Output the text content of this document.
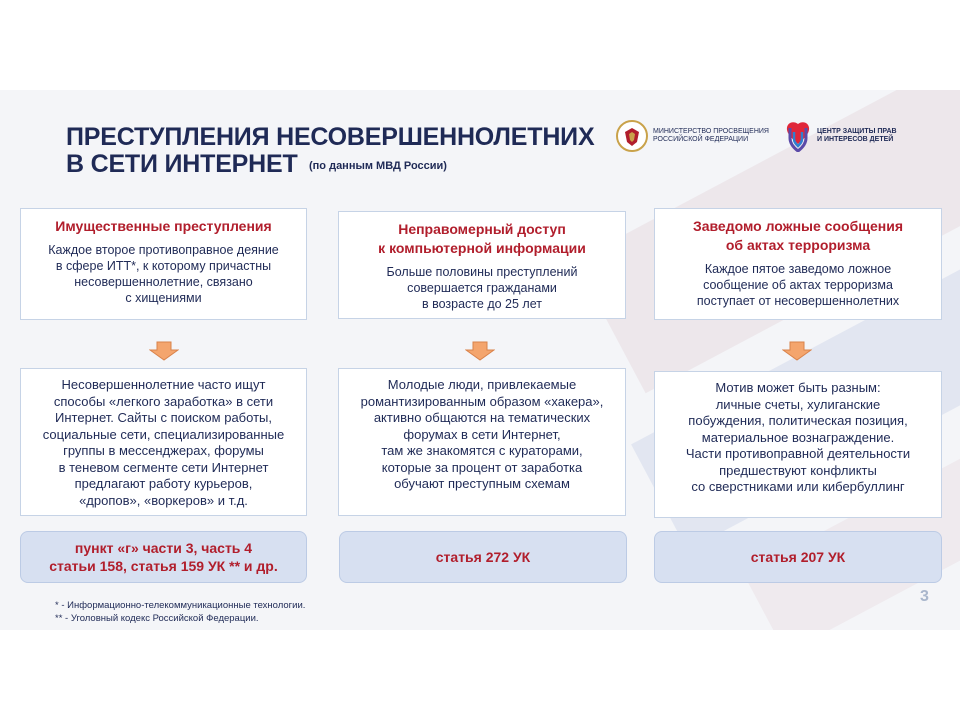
ПРЕСТУПЛЕНИЯ НЕСОВЕРШЕННОЛЕТНИХ
В СЕТИ ИНТЕРНЕТ	(по данным МВД России)
МИНИСТЕРСТВО ПРОСВЕЩЕНИЯ
РОССИЙСКОЙ ФЕДЕРАЦИИ
ЦЕНТР ЗАЩИТЫ ПРАВ
И ИНТЕРЕСОВ ДЕТЕЙ
Имущественные преступления
Каждое второе противоправное деяние
в сфере ИТТ*, к которому причастны
несовершеннолетние, связано
с хищениями
Неправомерный доступ
к компьютерной информации
Больше половины преступлений
совершается гражданами
в возрасте до 25 лет
Заведомо ложные сообщения
об актах терроризма
Каждое пятое заведомо ложное
сообщение об актах терроризма
поступает от несовершеннолетних
Несовершеннолетние часто ищут
способы «легкого заработка» в сети
Интернет. Сайты с поиском работы,
социальные сети, специализированные
группы в мессенджерах, форумы
в теневом сегменте сети Интернет
предлагают работу курьеров,
«дропов», «воркеров» и т.д.
Молодые люди, привлекаемые
романтизированным образом «хакера»,
активно общаются на тематических
форумах в сети Интернет,
там же знакомятся с кураторами,
которые за процент от заработка
обучают преступным схемам
Мотив может быть разным:
личные счеты, хулиганские
побуждения, политическая позиция,
материальное вознаграждение.
Части противоправной деятельности
предшествуют конфликты
со сверстниками или кибербуллинг
пункт «г» части 3, часть 4
статьи 158, статья 159 УК ** и др.
статья 272 УК	статья 207 УК
* - Информационно-телекоммуникационные технологии.
** - Уголовный кодекс Российской Федерации.
3
